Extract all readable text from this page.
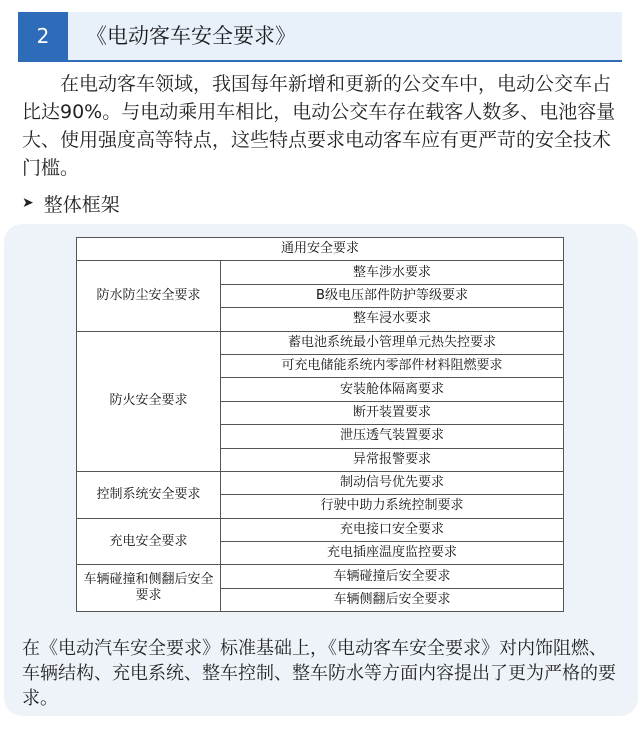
2	《电动客车安全要求》

在电动客车领域，我国每年新增和更新的公交车中，电动公交车占比达90%。与电动乘用车相比，电动公交车存在载客人数多、电池容量大、使用强度高等特点，这些特点要求电动客车应有更严苛的安全技术门槛。

➤ 整体框架
通用安全要求	
防水防尘安全要求	整车涉水要求
	B级电压部件防护等级要求
	整车浸水要求
防火安全要求	蓄电池系统最小管理单元热失控要求
	可充电储能系统内零部件材料阻燃要求
	安装舱体隔离要求
	断开装置要求
	泄压透气装置要求
	异常报警要求
控制系统安全要求	制动信号优先要求
	行驶中助力系统控制要求
充电安全要求	充电接口安全要求
	充电插座温度监控要求
车辆碰撞和侧翻后安全要求	车辆碰撞后安全要求
	车辆侧翻后安全要求

在《电动汽车安全要求》标准基础上，《电动客车安全要求》对内饰阻燃、车辆结构、充电系统、整车控制、整车防水等方面内容提出了更为严格的要求。
